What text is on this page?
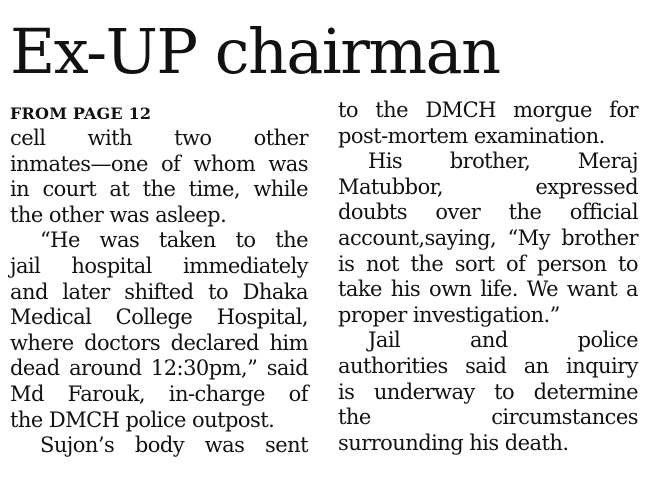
Ex-UP chairman
FROM PAGE 12
cell with two other
inmates—one of whom was
in court at the time, while
the other was asleep.
“He was taken to the
jail hospital immediately
and later shifted to Dhaka
Medical College Hospital,
where doctors declared him
dead around 12:30pm,” said
Md Farouk, in-charge of
the DMCH police outpost.
Sujon’s body was sent
to the DMCH morgue for
post-mortem examination.
His brother, Meraj
Matubbor,	expressed
doubts over the official
account,saying, “My brother
is not the sort of person to
take his own life. We want a
proper investigation.”
Jail	and	police
authorities said an inquiry
is underway to determine
the	circumstances
surrounding his death.
